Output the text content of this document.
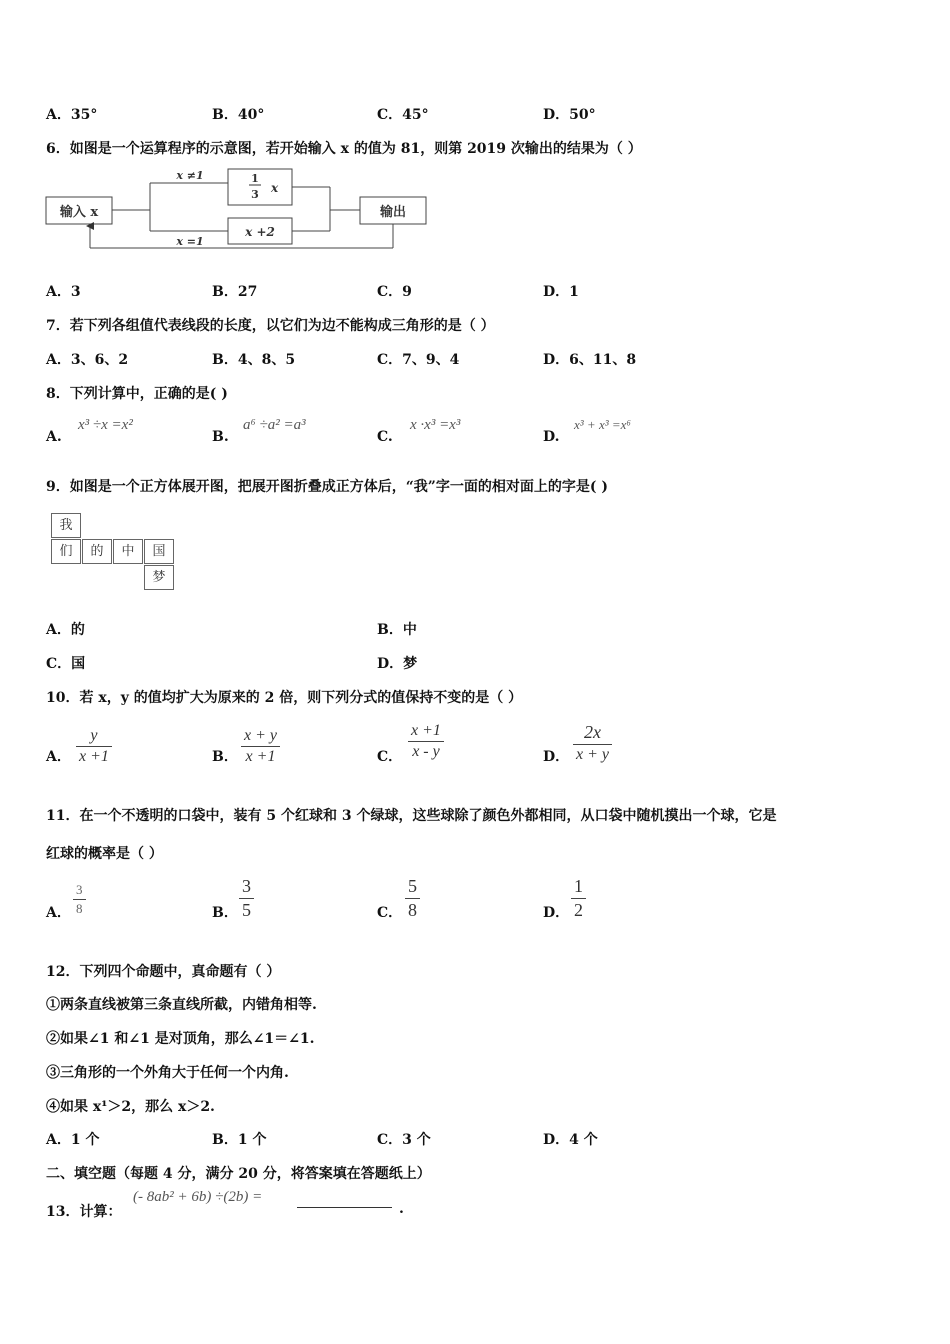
A．35°	B．40°	C．45°	D．50°
6．如图是一个运算程序的示意图，若开始输入 x 的值为 81，则第 2019 次输出的结果为（ ）
输入 x	输出
1
3 x
x +2
x ≠1
x =1
A．3	B．27	C．9	D．1
7．若下列各组值代表线段的长度，以它们为边不能构成三角形的是（ ）
A．3、6、2	B．4、8、5	C．7、9、4	D．6、11、8
8．下列计算中，正确的是( )
A.
x³ ÷x =x²
B.
a⁶ ÷a² =a³
C.
x ·x³ =x³
D.
x³ + x³ =x⁶
9．如图是一个正方体展开图，把展开图折叠成正方体后，“我”字一面的相对面上的字是( )
我
们	的	中	国
梦
A．的	B．中
C．国	D．梦
10．若 x，y 的值均扩大为原来的 2 倍，则下列分式的值保持不变的是（ ）
A． $\frac{y}{x +1}$	B． $\frac{x + y}{x +1}$	C． $\frac{x +1}{x - y}$	D． $\frac{2x}{x + y}$
11．在一个不透明的口袋中，装有 5 个红球和 3 个绿球，这些球除了颜色外都相同，从口袋中随机摸出一个球，它是
红球的概率是（ ）
A． $\frac{3}{8}$	B． $\frac{3}{5}$	C． $\frac{5}{8}$	D． $\frac{1}{2}$
12．下列四个命题中，真命题有（ ）
①两条直线被第三条直线所截，内错角相等.
②如果∠1 和∠1 是对顶角，那么∠1＝∠1.
③三角形的一个外角大于任何一个内角.
④如果 x¹＞2，那么 x＞2.
A．1 个	B．1 个	C．3 个	D．4 个
二、填空题（每题 4 分，满分 20 分，将答案填在答题纸上）
13．计算：
(- 8ab² + 6b) ÷(2b) =
.
